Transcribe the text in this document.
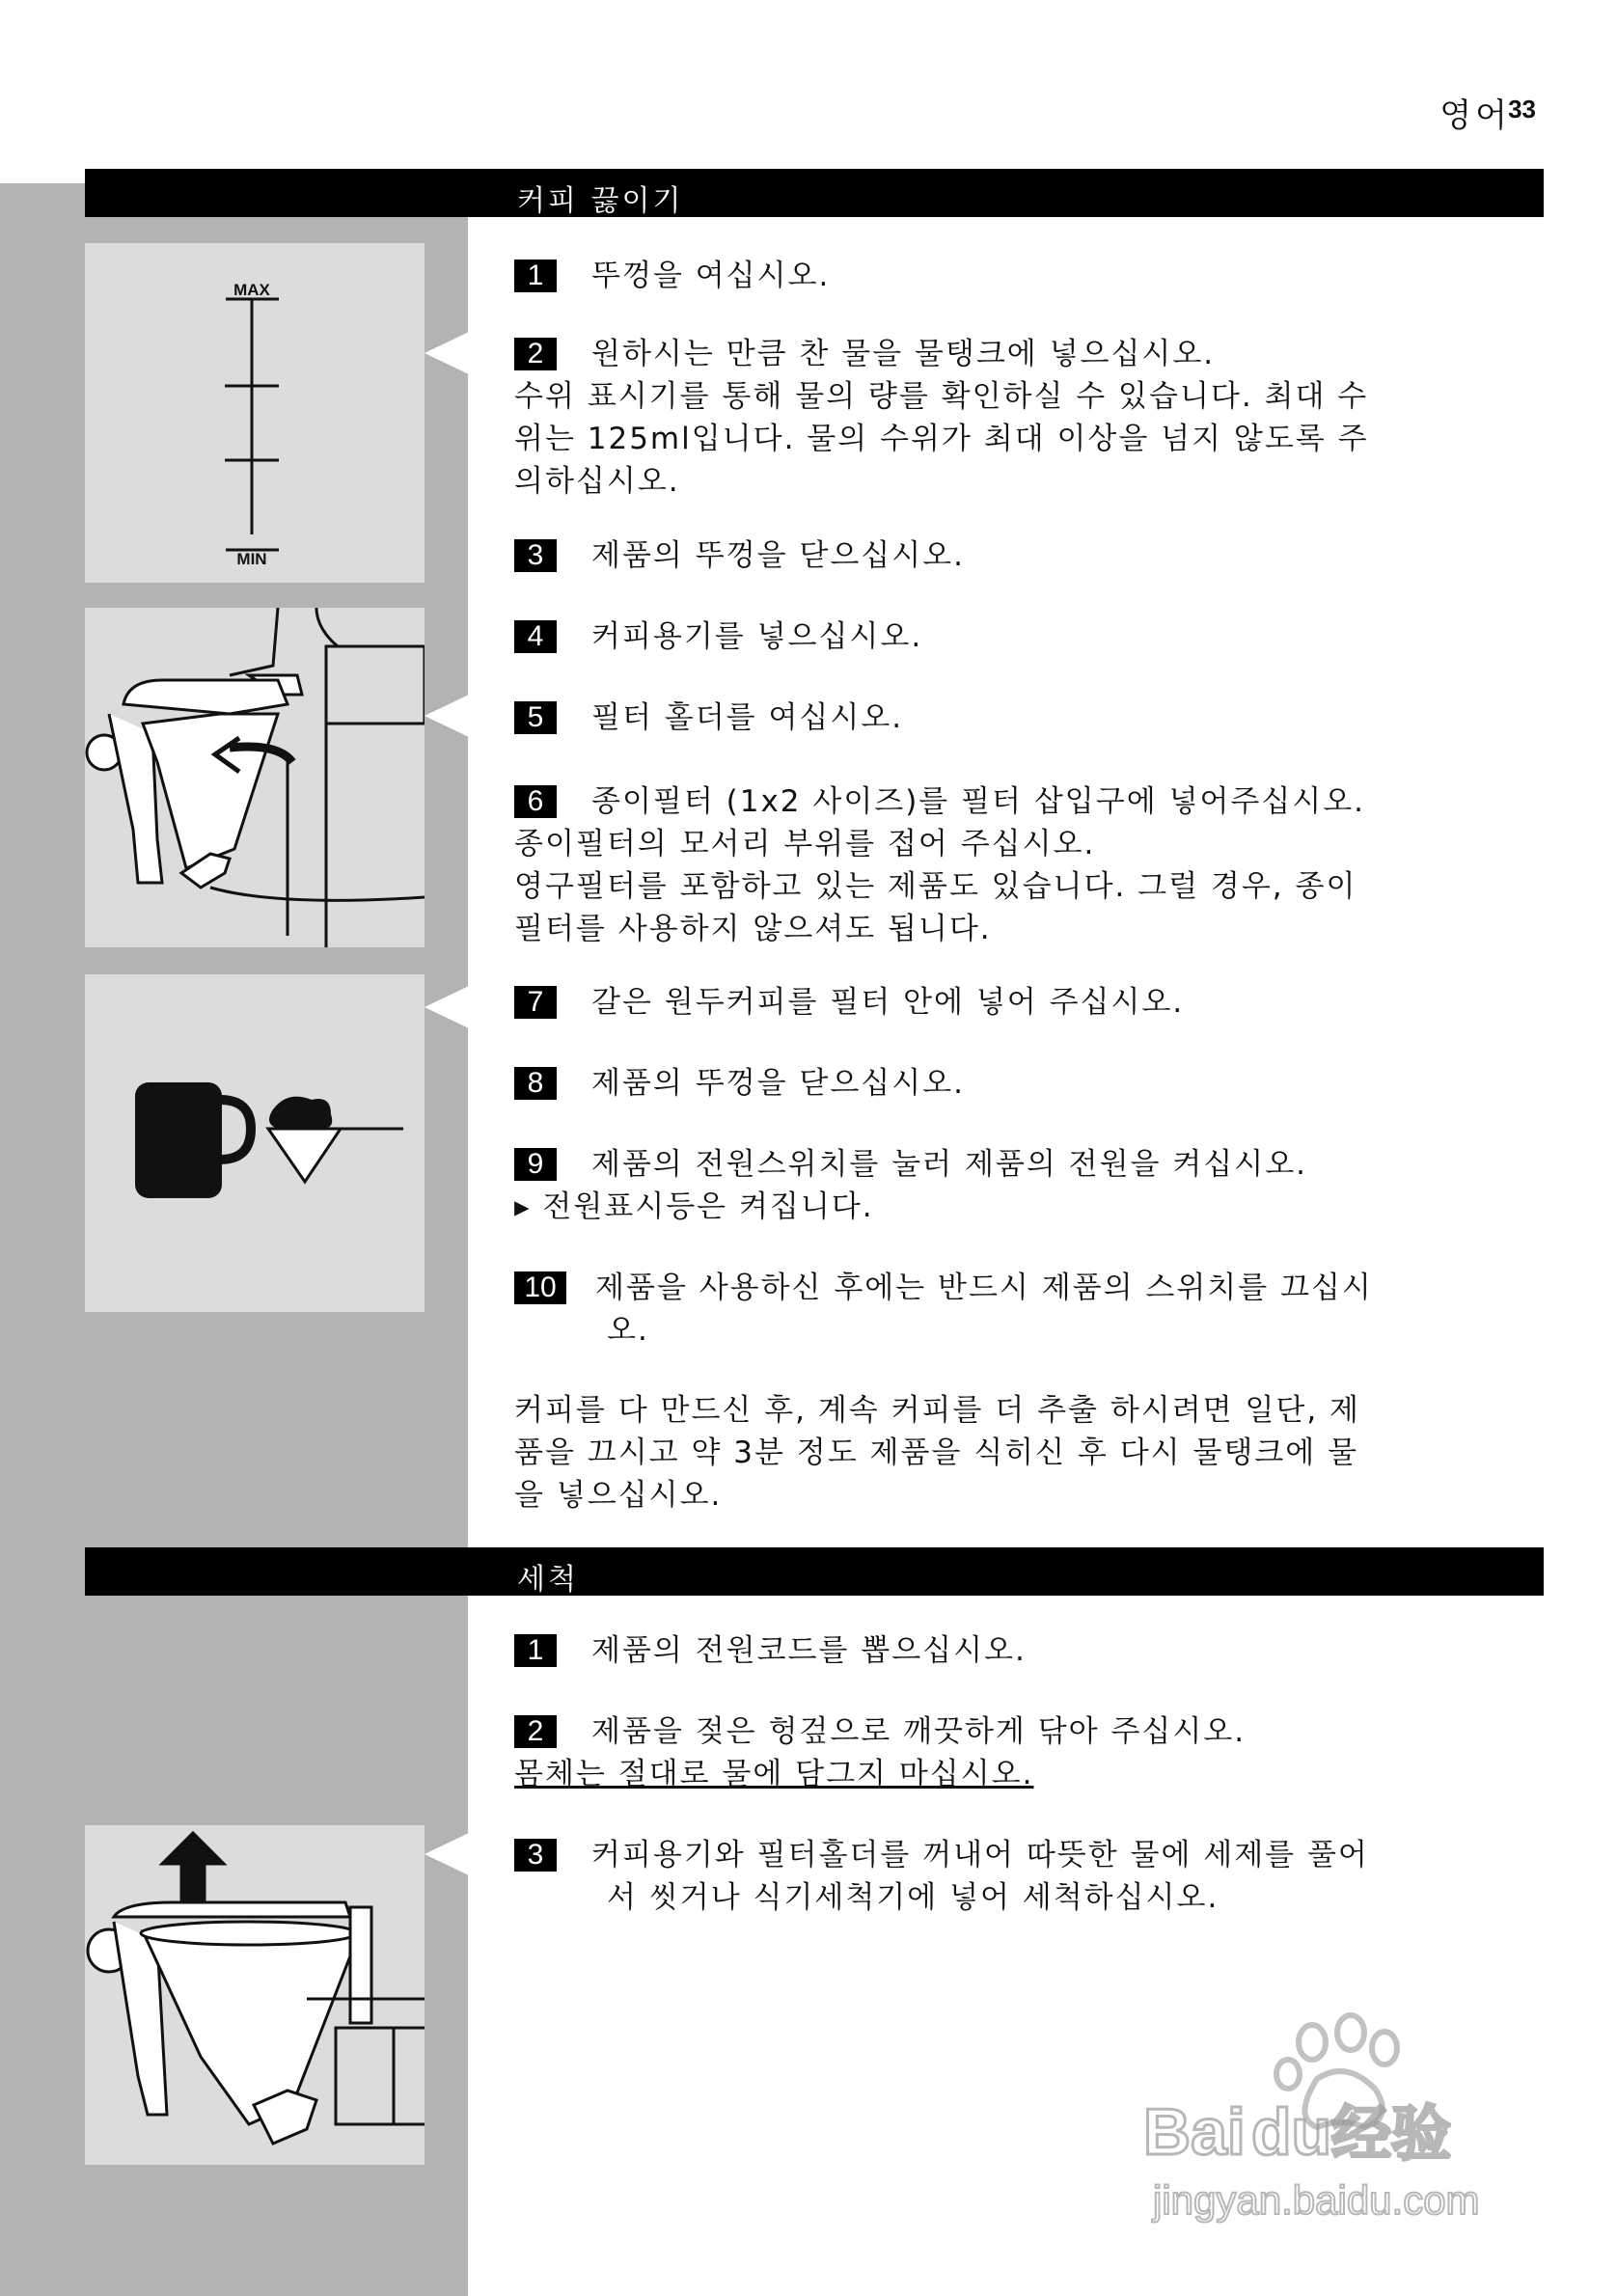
영어
33
커피 끓이기
MAX
MIN
1 뚜껑을 여십시오.
2 원하시는 만큼 찬 물을 물탱크에 넣으십시오.
수위 표시기를 통해 물의 량를 확인하실 수 있습니다. 최대 수
위는 125ml입니다. 물의 수위가 최대 이상을 넘지 않도록 주
의하십시오.
3 제품의 뚜껑을 닫으십시오.
4 커피용기를 넣으십시오.
5 필터 홀더를 여십시오.
6 종이필터 (1x2 사이즈)를 필터 삽입구에 넣어주십시오.
종이필터의 모서리 부위를 접어 주십시오.
영구필터를 포함하고 있는 제품도 있습니다. 그럴 경우, 종이
필터를 사용하지 않으셔도 됩니다.
7 갈은 원두커피를 필터 안에 넣어 주십시오.
8 제품의 뚜껑을 닫으십시오.
9 제품의 전원스위치를 눌러 제품의 전원을 켜십시오.
▸ 전원표시등은 켜집니다.
10 제품을 사용하신 후에는 반드시 제품의 스위치를 끄십시
오.
커피를 다 만드신 후, 계속 커피를 더 추출 하시려면 일단, 제
품을 끄시고 약 3분 정도 제품을 식히신 후 다시 물탱크에 물
을 넣으십시오.
세척
1 제품의 전원코드를 뽑으십시오.
2 제품을 젖은 헝겊으로 깨끗하게 닦아 주십시오.
몸체는 절대로 물에 담그지 마십시오.
3 커피용기와 필터홀더를 꺼내어 따뜻한 물에 세제를 풀어
서 씻거나 식기세척기에 넣어 세척하십시오.
Bai du 经验
jingyan.baidu.com
